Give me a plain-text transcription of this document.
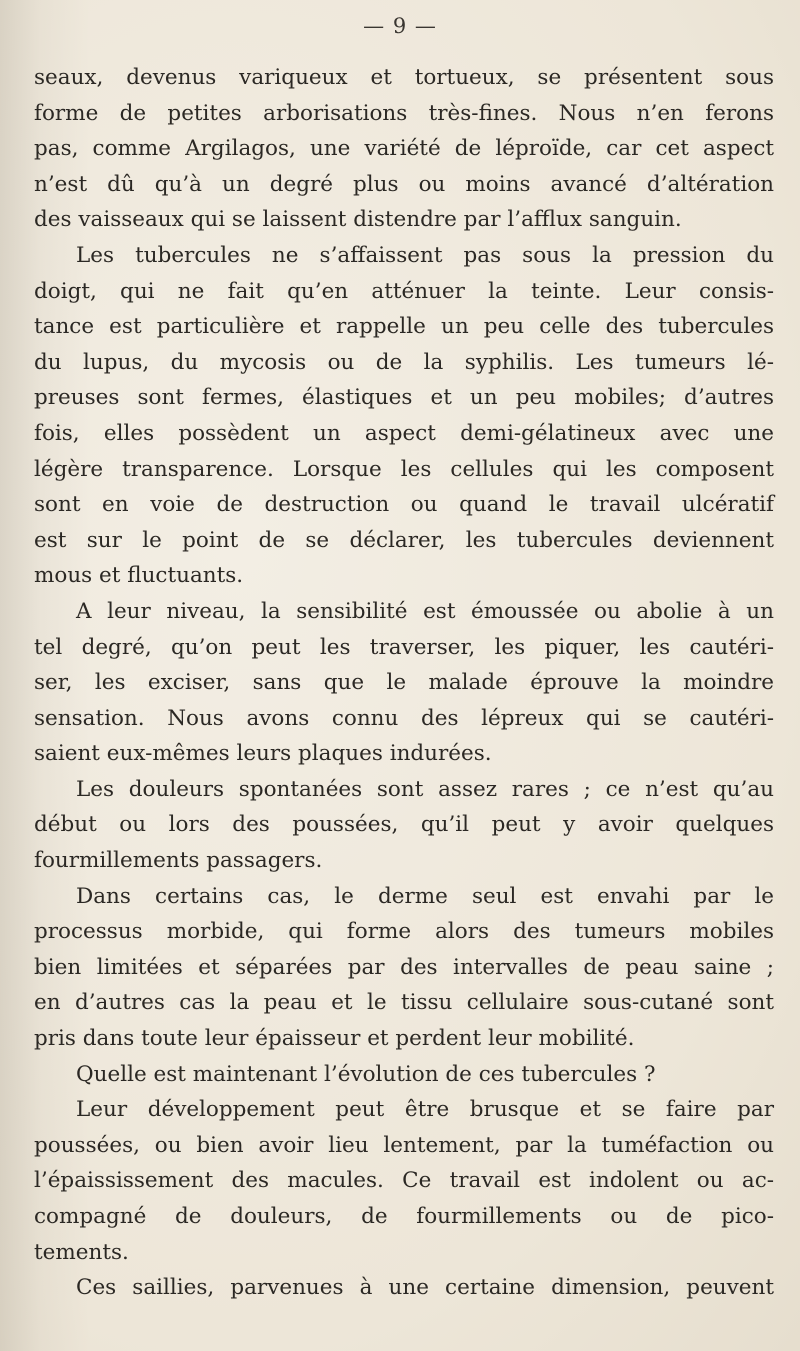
— 9 —
seaux, devenus variqueux et tortueux, se présentent sous
forme de petites arborisations très-fines. Nous n’en ferons
pas, comme Argilagos, une variété de léproïde, car cet aspect
n’est dû qu’à un degré plus ou moins avancé d’altération
des vaisseaux qui se laissent distendre par l’afflux sanguin.
Les tubercules ne s’affaissent pas sous la pression du
doigt, qui ne fait qu’en atténuer la teinte. Leur consis-
tance est particulière et rappelle un peu celle des tubercules
du lupus, du mycosis ou de la syphilis. Les tumeurs lé-
preuses sont fermes, élastiques et un peu mobiles; d’autres
fois, elles possèdent un aspect demi-gélatineux avec une
légère transparence. Lorsque les cellules qui les composent
sont en voie de destruction ou quand le travail ulcératif
est sur le point de se déclarer, les tubercules deviennent
mous et fluctuants.
A leur niveau, la sensibilité est émoussée ou abolie à un
tel degré, qu’on peut les traverser, les piquer, les cautéri-
ser, les exciser, sans que le malade éprouve la moindre
sensation. Nous avons connu des lépreux qui se cautéri-
saient eux-mêmes leurs plaques indurées.
Les douleurs spontanées sont assez rares ; ce n’est qu’au
début ou lors des poussées, qu’il peut y avoir quelques
fourmillements passagers.
Dans certains cas, le derme seul est envahi par le
processus morbide, qui forme alors des tumeurs mobiles
bien limitées et séparées par des intervalles de peau saine ;
en d’autres cas la peau et le tissu cellulaire sous-cutané sont
pris dans toute leur épaisseur et perdent leur mobilité.
Quelle est maintenant l’évolution de ces tubercules ?
Leur développement peut être brusque et se faire par
poussées, ou bien avoir lieu lentement, par la tuméfaction ou
l’épaississement des macules. Ce travail est indolent ou ac-
compagné de douleurs, de fourmillements ou de pico-
tements.
Ces saillies, parvenues à une certaine dimension, peuvent
